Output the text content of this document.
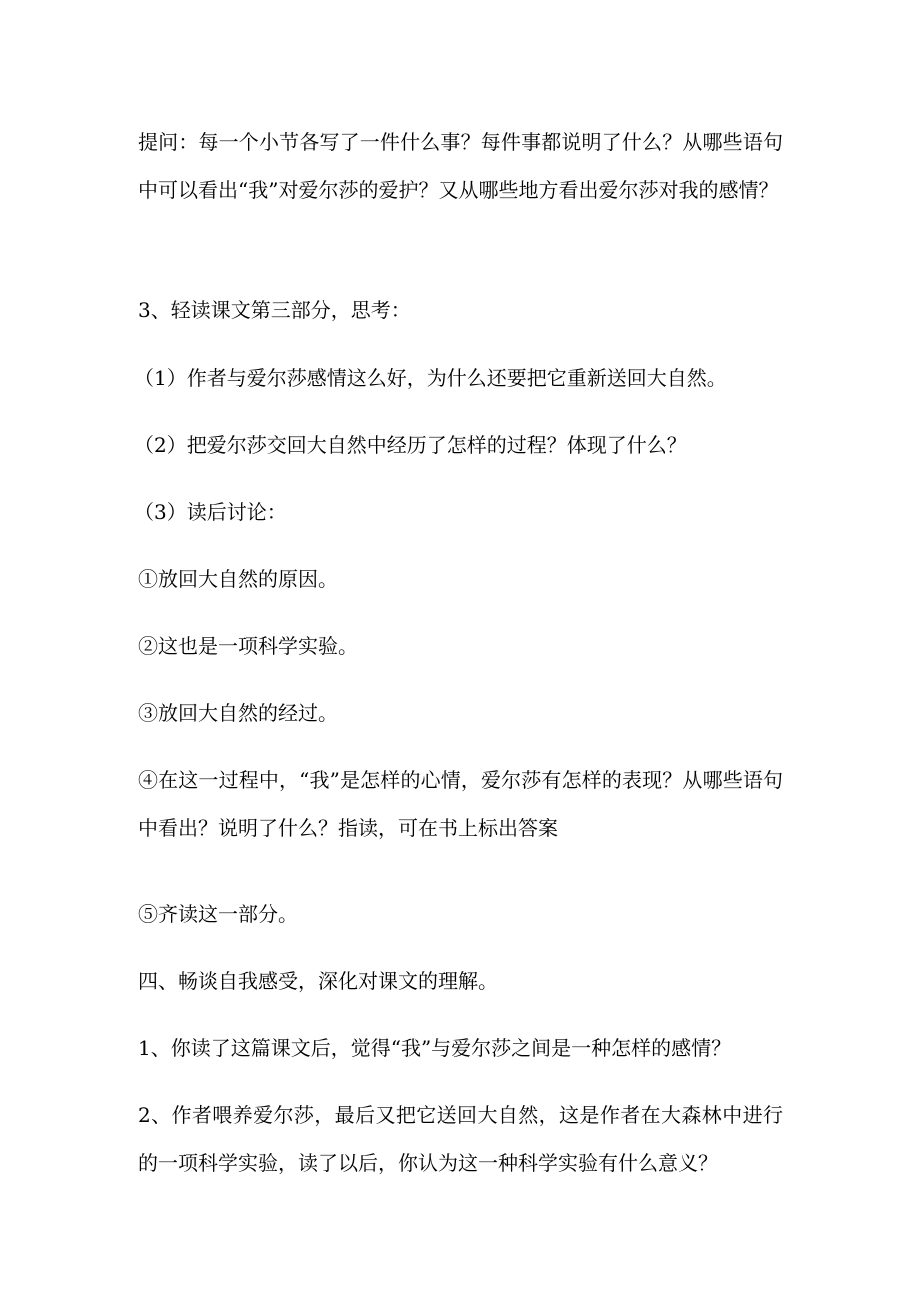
提问：每一个小节各写了一件什么事？每件事都说明了什么？从哪些语句中可以看出“我”对爱尔莎的爱护？又从哪些地方看出爱尔莎对我的感情？

3、轻读课文第三部分，思考：

（1）作者与爱尔莎感情这么好，为什么还要把它重新送回大自然。

（2）把爱尔莎交回大自然中经历了怎样的过程？体现了什么？

（3）读后讨论：

①放回大自然的原因。

②这也是一项科学实验。

③放回大自然的经过。

④在这一过程中，“我”是怎样的心情，爱尔莎有怎样的表现？从哪些语句中看出？说明了什么？指读，可在书上标出答案

⑤齐读这一部分。

四、畅谈自我感受，深化对课文的理解。

1、你读了这篇课文后，觉得“我”与爱尔莎之间是一种怎样的感情？

2、作者喂养爱尔莎，最后又把它送回大自然，这是作者在大森林中进行的一项科学实验，读了以后，你认为这一种科学实验有什么意义？
